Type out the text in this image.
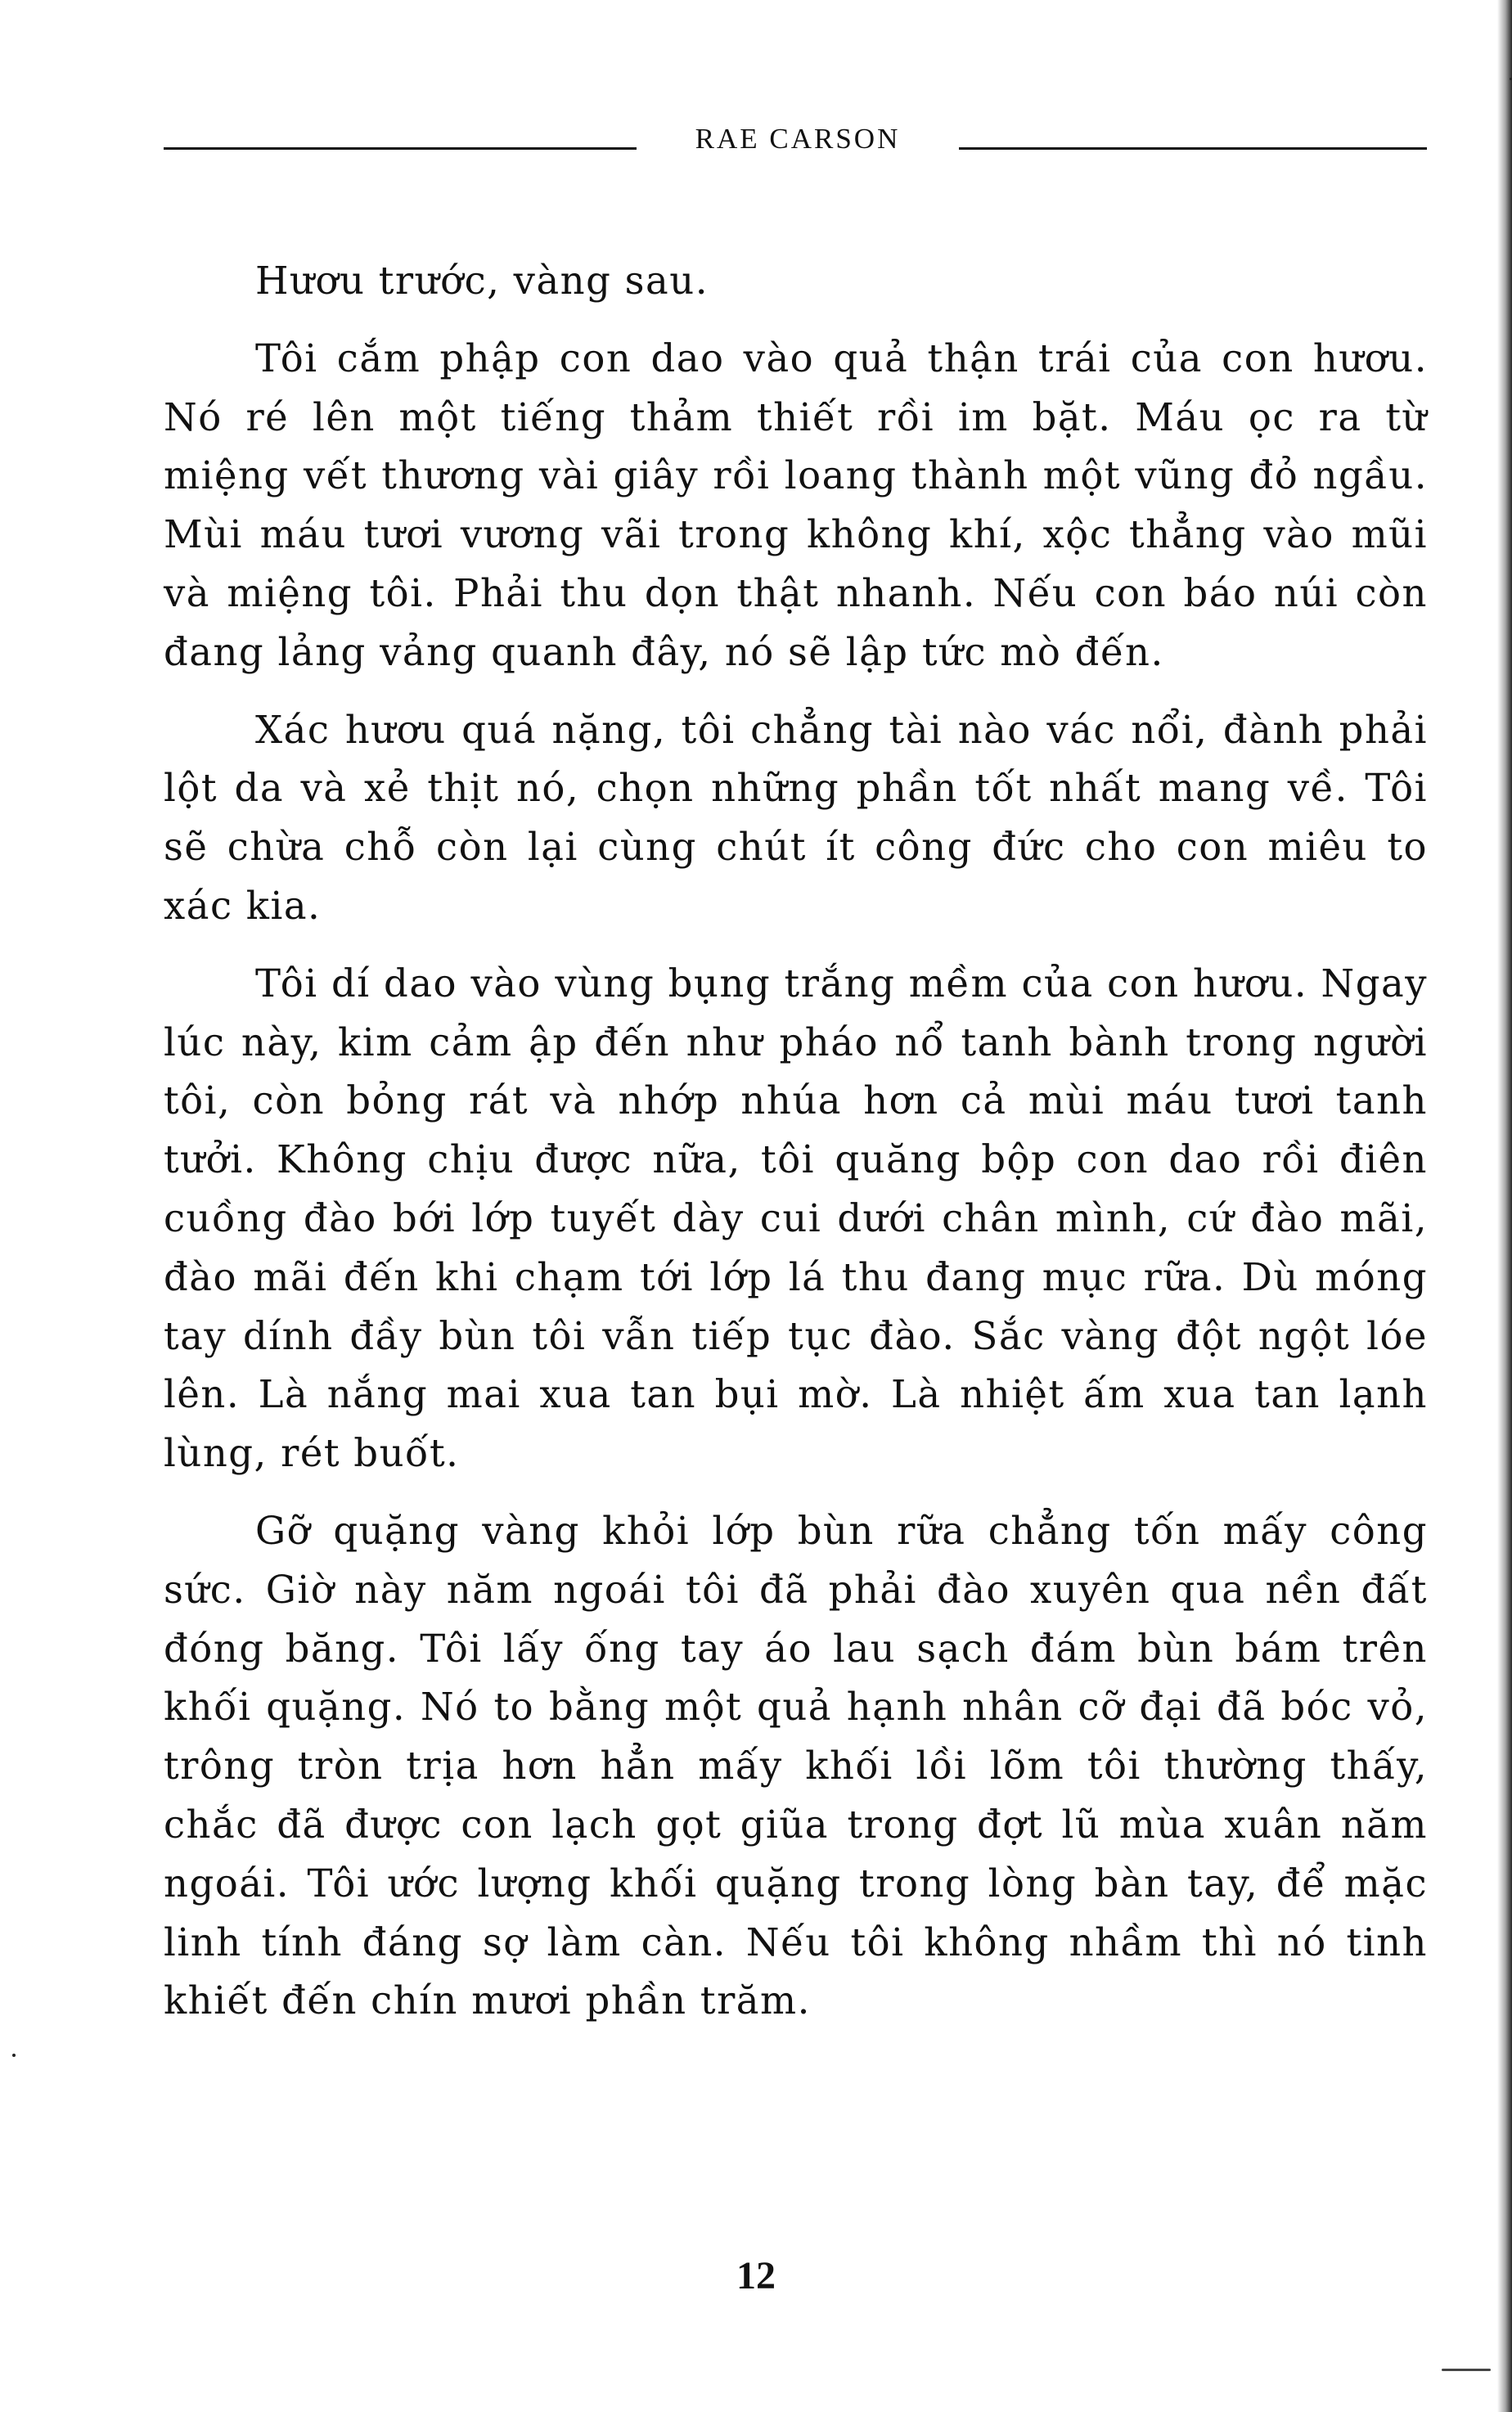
RAE CARSON

Hươu trước, vàng sau.

Tôi cắm phập con dao vào quả thận trái của con hươu. Nó ré lên một tiếng thảm thiết rồi im bặt. Máu ọc ra từ miệng vết thương vài giây rồi loang thành một vũng đỏ ngầu. Mùi máu tươi vương vãi trong không khí, xộc thẳng vào mũi và miệng tôi. Phải thu dọn thật nhanh. Nếu con báo núi còn đang lảng vảng quanh đây, nó sẽ lập tức mò đến.

Xác hươu quá nặng, tôi chẳng tài nào vác nổi, đành phải lột da và xẻ thịt nó, chọn những phần tốt nhất mang về. Tôi sẽ chừa chỗ còn lại cùng chút ít công đức cho con miêu to xác kia.

Tôi dí dao vào vùng bụng trắng mềm của con hươu. Ngay lúc này, kim cảm ập đến như pháo nổ tanh bành trong người tôi, còn bỏng rát và nhớp nhúa hơn cả mùi máu tươi tanh tưởi. Không chịu được nữa, tôi quăng bộp con dao rồi điên cuồng đào bới lớp tuyết dày cui dưới chân mình, cứ đào mãi, đào mãi đến khi chạm tới lớp lá thu đang mục rữa. Dù móng tay dính đầy bùn tôi vẫn tiếp tục đào. Sắc vàng đột ngột lóe lên. Là nắng mai xua tan bụi mờ. Là nhiệt ấm xua tan lạnh lùng, rét buốt.

Gỡ quặng vàng khỏi lớp bùn rữa chẳng tốn mấy công sức. Giờ này năm ngoái tôi đã phải đào xuyên qua nền đất đóng băng. Tôi lấy ống tay áo lau sạch đám bùn bám trên khối quặng. Nó to bằng một quả hạnh nhân cỡ đại đã bóc vỏ, trông tròn trịa hơn hẳn mấy khối lồi lõm tôi thường thấy, chắc đã được con lạch gọt giũa trong đợt lũ mùa xuân năm ngoái. Tôi ước lượng khối quặng trong lòng bàn tay, để mặc linh tính đáng sợ làm càn. Nếu tôi không nhầm thì nó tinh khiết đến chín mươi phần trăm.

12
